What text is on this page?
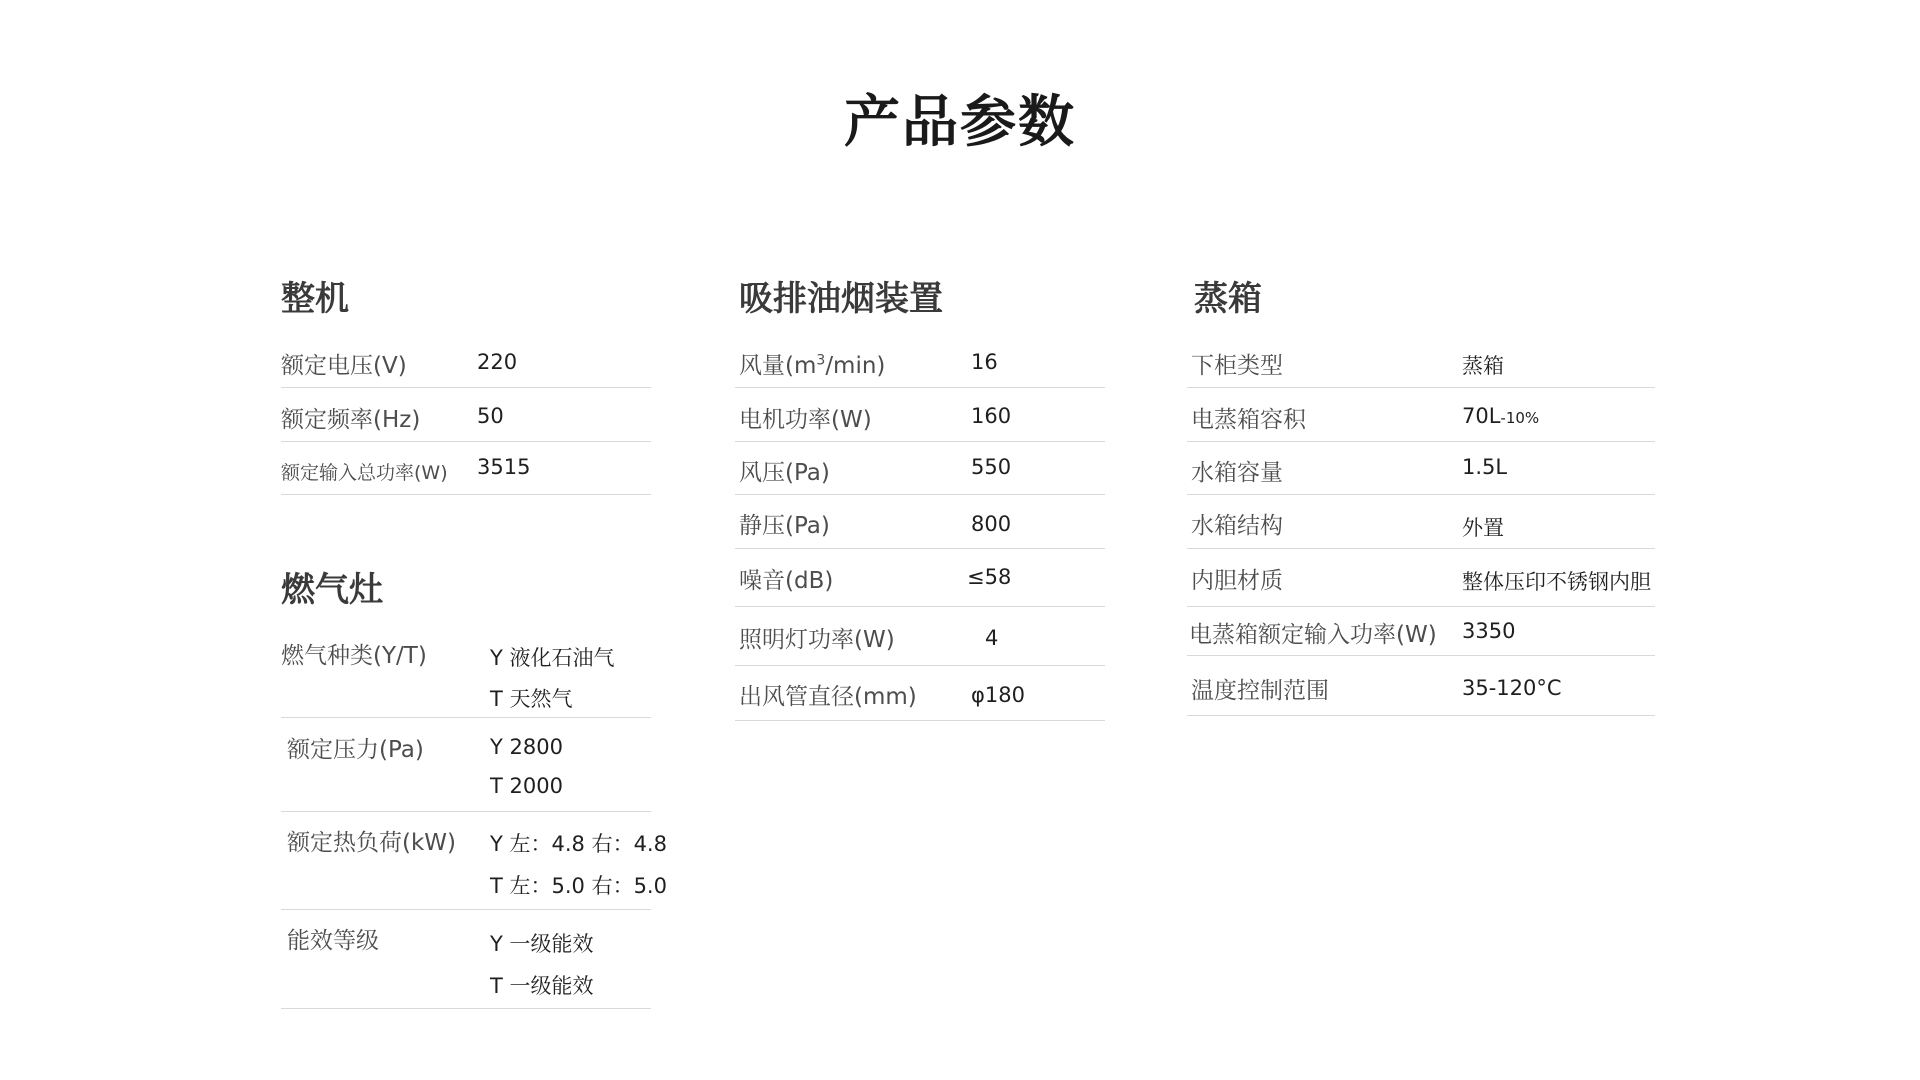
产品参数
整机
额定电压(V)	220
额定频率(Hz)	50
额定输入总功率(W) 3515
燃气灶
燃气种类(Y/T)	Y 液化石油气
T 天然气
额定压力(Pa)	Y 2800
T 2000
额定热负荷(kW) Y 左：4.8 右：4.8
T 左：5.0 右：5.0
能效等级	Y 一级能效
T 一级能效
吸排油烟装置
风量$(m^3/\min)$	16
电机功率(W)	160
风压(Pa)	550
静压(Pa)	800
噪音(dB)	≤58
照明灯功率(W)	4
出风管直径(mm)	φ180
蒸箱
下柜类型	蒸箱
电蒸箱容积	70L-10%
水箱容量	1.5L
水箱结构	外置
内胆材质	整体压印不锈钢内胆
电蒸箱额定输入功率(W) 3350
温度控制范围	35-120°C
